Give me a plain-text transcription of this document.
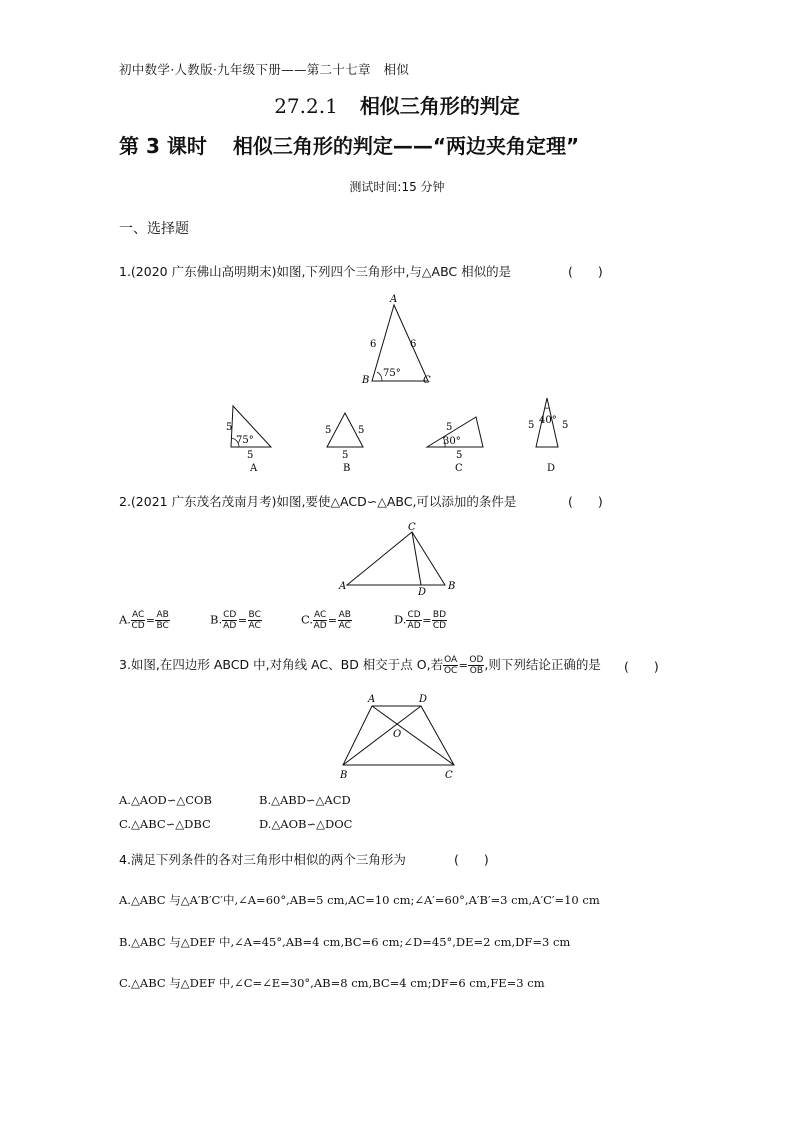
初中数学·人教版·九年级下册——第二十七章　相似
27.2.1 相似三角形的判定
第 3 课时 相似三角形的判定——“两边夹角定理”
测试时间:15 分钟
一、选择题
1.(2020 广东佛山高明期末)如图,下列四个三角形中,与△ABC 相似的是	(　　)
A
B	C
6	6
75°
5
5
75°
A
5	5
5
B
5
5
30°
C
5	5
40°
D
C
A	B
D
A	D
B	C
O
2.(2021 广东茂名茂南月考)如图,要使△ACD∽△ABC,可以添加的条件是	(　　)
A. $\frac{AC}{CD} = \frac{AB}{BC}$	B. $\frac{CD}{AD} = \frac{BC}{AC}$	C. $\frac{AC}{AD} = \frac{AB}{AC}$	D. $\frac{CD}{AD} = \frac{BD}{CD}$
3.如图,在四边形 ABCD 中,对角线 AC、BD 相交于点 O,若 $\frac{OA}{OC} = \frac{OD}{OB}$ ,则下列结论正确的是 (　　)
A.△AOD∽△COB	B.△ABD∽△ACD
C.△ABC∽△DBC	D.△AOB∽△DOC
4.满足下列条件的各对三角形中相似的两个三角形为	(　　)
A.△ABC 与△A′B′C′中,∠A=60°,AB=5 cm,AC=10 cm;∠A′=60°,A′B′=3 cm,A′C′=10 cm
B.△ABC 与△DEF 中,∠A=45°,AB=4 cm,BC=6 cm;∠D=45°,DE=2 cm,DF=3 cm
C.△ABC 与△DEF 中,∠C=∠E=30°,AB=8 cm,BC=4 cm;DF=6 cm,FE=3 cm
